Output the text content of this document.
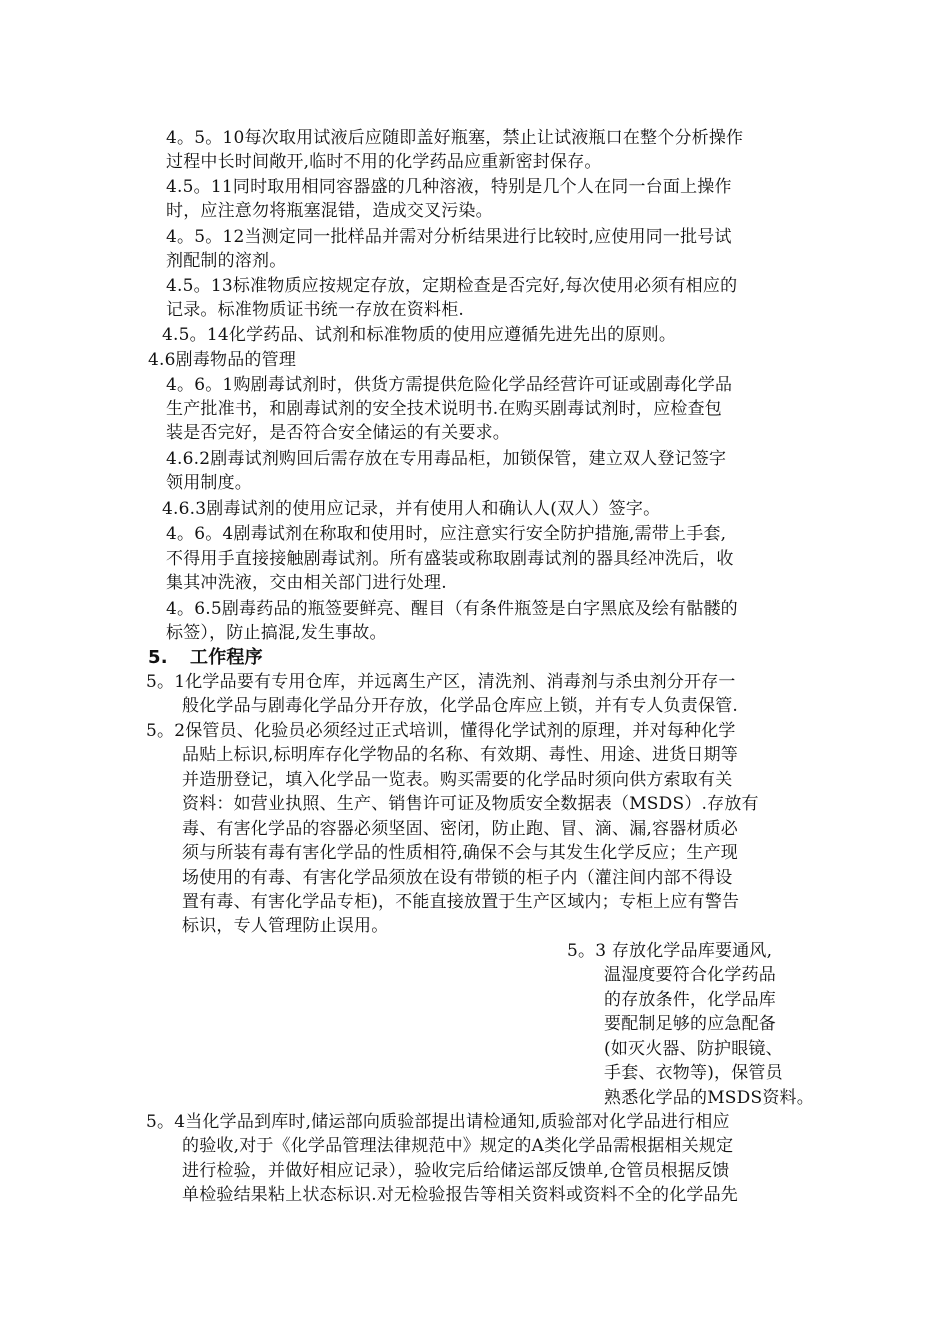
4。5。10每次取用试液后应随即盖好瓶塞，禁止让试液瓶口在整个分析操作
过程中长时间敞开,临时不用的化学药品应重新密封保存。
4.5。11同时取用相同容器盛的几种溶液，特别是几个人在同一台面上操作
时，应注意勿将瓶塞混错，造成交叉污染。
4。5。12当测定同一批样品并需对分析结果进行比较时,应使用同一批号试
剂配制的溶剂。
4.5。13标准物质应按规定存放，定期检查是否完好,每次使用必须有相应的
记录。标准物质证书统一存放在资料柜.
4.5。14化学药品、试剂和标准物质的使用应遵循先进先出的原则。
4.6剧毒物品的管理
4。6。1购剧毒试剂时，供货方需提供危险化学品经营许可证或剧毒化学品
生产批准书，和剧毒试剂的安全技术说明书.在购买剧毒试剂时，应检查包
装是否完好，是否符合安全储运的有关要求。
4.6.2剧毒试剂购回后需存放在专用毒品柜，加锁保管，建立双人登记签字
领用制度。
4.6.3剧毒试剂的使用应记录，并有使用人和确认人(双人）签字。
4。6。4剧毒试剂在称取和使用时，应注意实行安全防护措施,需带上手套,
不得用手直接接触剧毒试剂。所有盛装或称取剧毒试剂的器具经冲洗后，收
集其冲洗液，交由相关部门进行处理.
4。6.5剧毒药品的瓶签要鲜亮、醒目（有条件瓶签是白字黑底及绘有骷髅的
标签），防止搞混,发生事故。
5. 工作程序
5。1化学品要有专用仓库，并远离生产区，清洗剂、消毒剂与杀虫剂分开存一
般化学品与剧毒化学品分开存放，化学品仓库应上锁，并有专人负责保管.
5。2保管员、化验员必须经过正式培训，懂得化学试剂的原理，并对每种化学
品贴上标识,标明库存化学物品的名称、有效期、毒性、用途、进货日期等
并造册登记，填入化学品一览表。购买需要的化学品时须向供方索取有关
资料：如营业执照、生产、销售许可证及物质安全数据表（MSDS）.存放有
毒、有害化学品的容器必须坚固、密闭，防止跑、冒、滴、漏,容器材质必
须与所装有毒有害化学品的性质相符,确保不会与其发生化学反应；生产现
场使用的有毒、有害化学品须放在设有带锁的柜子内（灌注间内部不得设
置有毒、有害化学品专柜)，不能直接放置于生产区域内；专柜上应有警告
标识，专人管理防止误用。
5。3 存放化学品库要通风,
温湿度要符合化学药品
的存放条件，化学品库
要配制足够的应急配备
(如灭火器、防护眼镜、
手套、衣物等)，保管员
熟悉化学品的MSDS资料。
5。4当化学品到库时,储运部向质验部提出请检通知,质验部对化学品进行相应
的验收,对于《化学品管理法律规范中》规定的A类化学品需根据相关规定
进行检验，并做好相应记录），验收完后给储运部反馈单,仓管员根据反馈
单检验结果粘上状态标识.对无检验报告等相关资料或资料不全的化学品先
